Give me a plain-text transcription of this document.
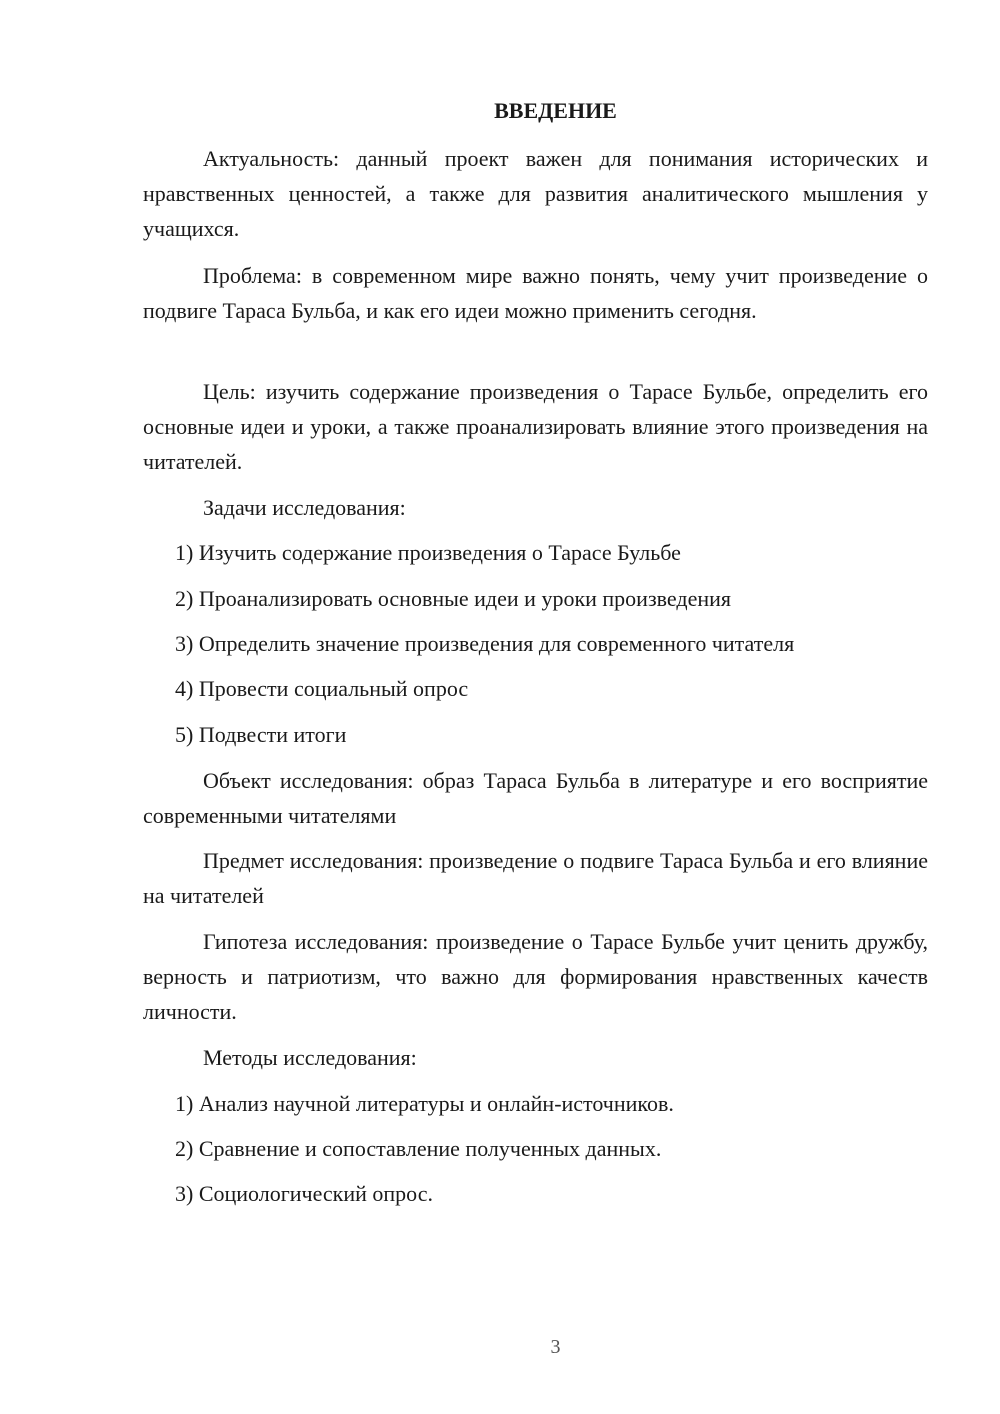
ВВЕДЕНИЕ

Актуальность: данный проект важен для понимания исторических и нравственных ценностей, а также для развития аналитического мышления у учащихся.

Проблема: в современном мире важно понять, чему учит произведение о подвиге Тараса Бульба, и как его идеи можно применить сегодня.

Цель: изучить содержание произведения о Тарасе Бульбе, определить его основные идеи и уроки, а также проанализировать влияние этого произведения на читателей.

Задачи исследования:

1) Изучить содержание произведения о Тарасе Бульбе

2) Проанализировать основные идеи и уроки произведения

3) Определить значение произведения для современного читателя

4) Провести социальный опрос

5) Подвести итоги

Объект исследования: образ Тараса Бульба в литературе и его восприятие современными читателями

Предмет исследования: произведение о подвиге Тараса Бульба и его влияние на читателей

Гипотеза исследования: произведение о Тарасе Бульбе учит ценить дружбу, верность и патриотизм, что важно для формирования нравственных качеств личности.

Методы исследования:

1) Анализ научной литературы и онлайн-источников.

2) Сравнение и сопоставление полученных данных.

3) Социологический опрос.

3
